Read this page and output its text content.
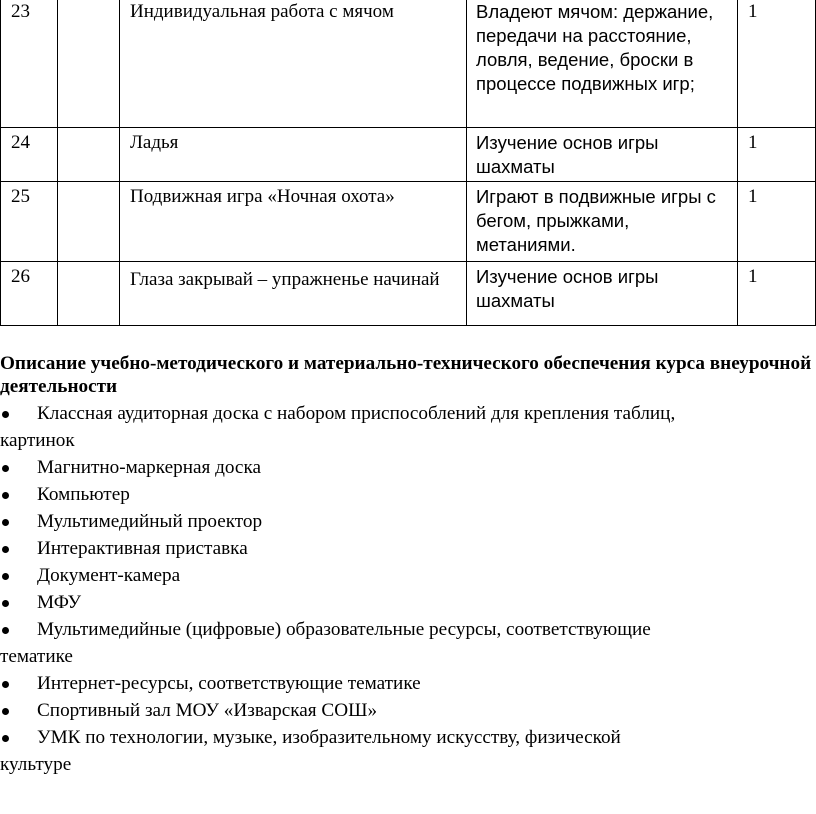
23		Индивидуальная работа с мячом	Владеют мячом: держание, передачи на расстояние, ловля, ведение, броски в процессе подвижных игр;	1
24		Ладья	Изучение основ игры шахматы	1
25		Подвижная игра «Ночная охота»	Играют в подвижные игры с бегом, прыжками, метаниями.	1
26		Глаза закрывай – упражненье начинай	Изучение основ игры шахматы	1
Описание учебно-методического и материально-технического обеспечения курса внеурочной деятельности
Классная аудиторная доска с набором приспособлений для крепления таблиц,
картинок
Магнитно-маркерная доска
Компьютер
Мультимедийный проектор
Интерактивная приставка
Документ-камера
МФУ
Мультимедийные (цифровые) образовательные ресурсы, соответствующие
тематике
Интернет-ресурсы, соответствующие тематике
Спортивный зал МОУ «Изварская СОШ»
УМК по технологии, музыке, изобразительному искусству, физической
культуре
